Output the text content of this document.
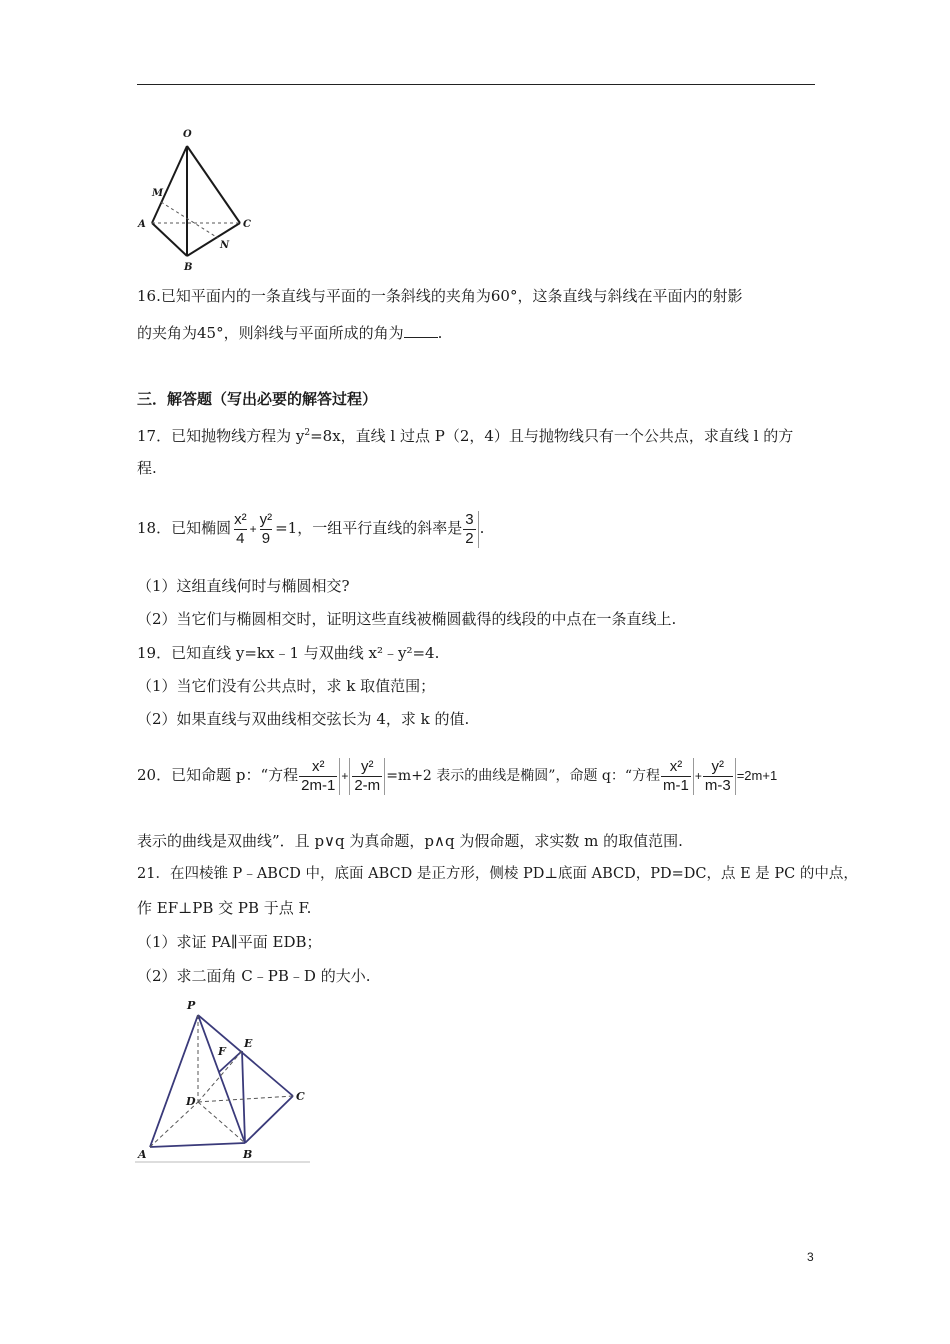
O
M
A	C
N
B
16.已知平面内的一条直线与平面的一条斜线的夹角为60°，这条直线与斜线在平面内的射影
的夹角为45°，则斜线与平面所成的角为 .
三．解答题（写出必要的解答过程）
17．已知抛物线方程为 $y^2=8x$，直线 l 过点 P（2，4）且与抛物线只有一个公共点，求直线 l 的方
程.
18．已知椭圆 $\frac{\text{x²}}{4} + \frac{\text{y²}}{9} =1$，一组平行直线的斜率是 $\frac{3}{2}$ .
（1）这组直线何时与椭圆相交?
（2）当它们与椭圆相交时，证明这些直线被椭圆截得的线段的中点在一条直线上.
19．已知直线 y=kx﹣1 与双曲线 x²﹣y²=4.
（1）当它们没有公共点时，求 k 取值范围；
（2）如果直线与双曲线相交弦长为 4，求 k 的值.
20．已知命题 p：“方程 $\frac{\text{x²}}{2m-1} + \frac{\text{y²}}{2-m} =m+2$ 表示的曲线是椭圆”，命题 q：“方程 $\frac{\text{x²}}{m-1} + \frac{\text{y²}}{m-3} =2m+1$
表示的曲线是双曲线”．且 p∨q 为真命题，p∧q 为假命题，求实数 m 的取值范围.
21．在四棱锥 P﹣ABCD 中，底面 ABCD 是正方形，侧棱 PD⊥底面 ABCD，PD=DC，点 E 是 PC 的中点，
作 EF⊥PB 交 PB 于点 F.
（1）求证 PA∥平面 EDB；
（2）求二面角 C﹣PB﹣D 的大小.
P
F
E
D	C
A	B
3
